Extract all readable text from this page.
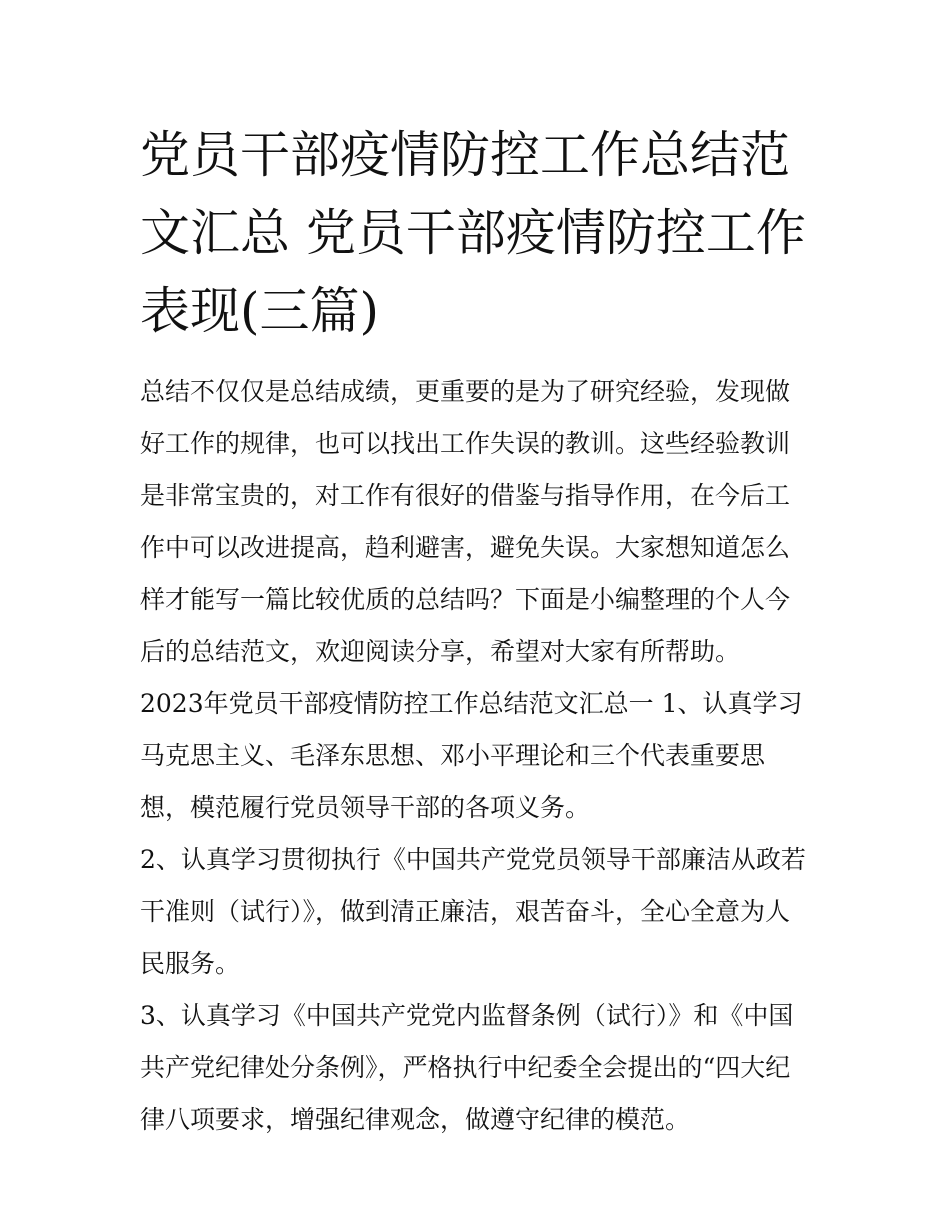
党员干部疫情防控工作总结范文汇总 党员干部疫情防控工作表现(三篇)

总结不仅仅是总结成绩，更重要的是为了研究经验，发现做好工作的规律，也可以找出工作失误的教训。这些经验教训是非常宝贵的，对工作有很好的借鉴与指导作用，在今后工作中可以改进提高，趋利避害，避免失误。大家想知道怎么样才能写一篇比较优质的总结吗？下面是小编整理的个人今后的总结范文，欢迎阅读分享，希望对大家有所帮助。

2023年党员干部疫情防控工作总结范文汇总一 1、认真学习马克思主义、毛泽东思想、邓小平理论和三个代表重要思想，模范履行党员领导干部的各项义务。

2、认真学习贯彻执行《中国共产党党员领导干部廉洁从政若干准则（试行）》，做到清正廉洁，艰苦奋斗，全心全意为人民服务。

3、认真学习《中国共产党党内监督条例（试行）》和《中国共产党纪律处分条例》，严格执行中纪委全会提出的“四大纪律八项要求，增强纪律观念，做遵守纪律的模范。
